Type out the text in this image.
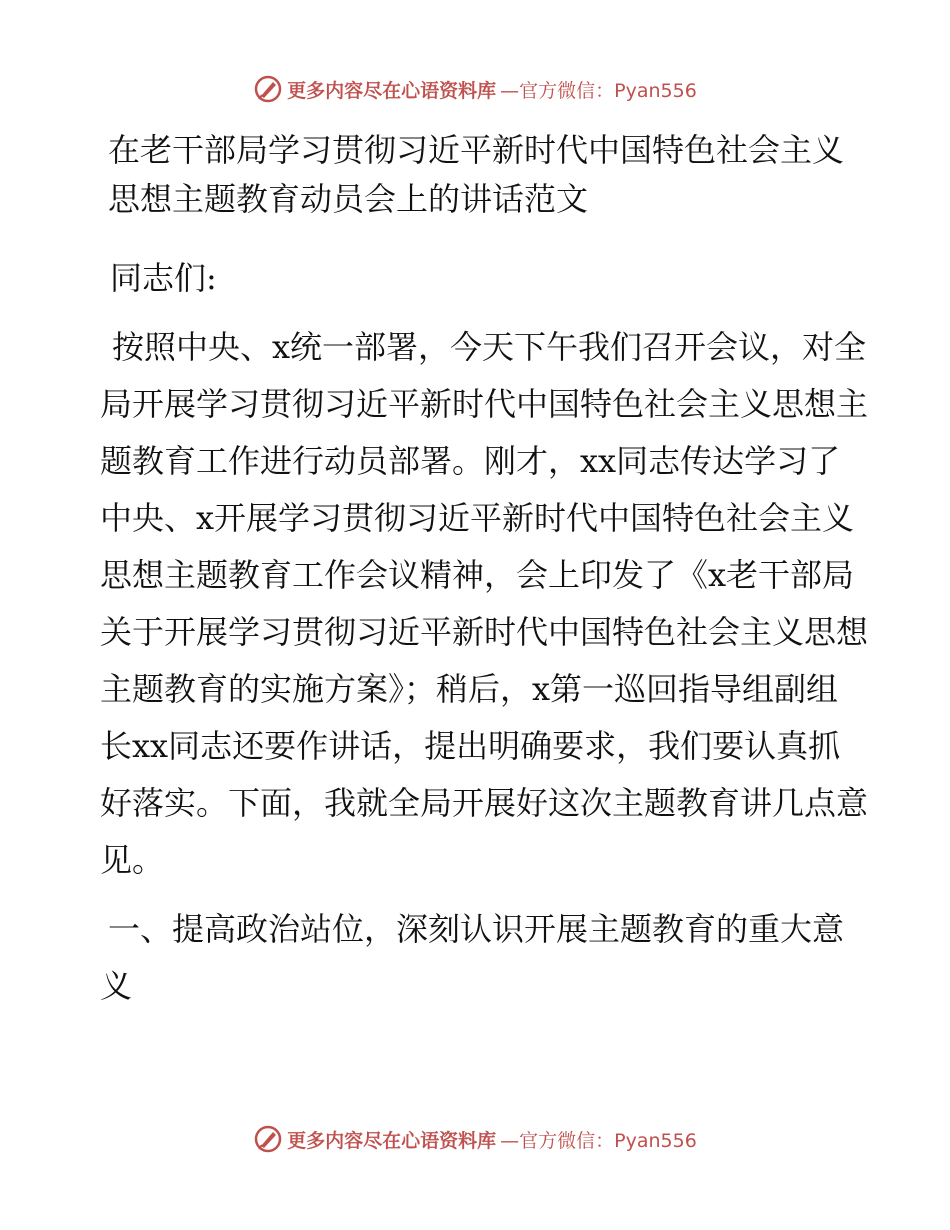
更多内容尽在心语资料库 —官方微信：Pyan556
在老干部局学习贯彻习近平新时代中国特色社会主义思想主题教育动员会上的讲话范文

同志们:

按照中央、x统一部署，今天下午我们召开会议，对全局开展学习贯彻习近平新时代中国特色社会主义思想主题教育工作进行动员部署。刚才，xx同志传达学习了中央、x开展学习贯彻习近平新时代中国特色社会主义思想主题教育工作会议精神，会上印发了《x老干部局关于开展学习贯彻习近平新时代中国特色社会主义思想主题教育的实施方案》；稍后，x第一巡回指导组副组长xx同志还要作讲话，提出明确要求，我们要认真抓好落实。下面，我就全局开展好这次主题教育讲几点意见。

一、提高政治站位，深刻认识开展主题教育的重大意义

更多内容尽在心语资料库 —官方微信：Pyan556
